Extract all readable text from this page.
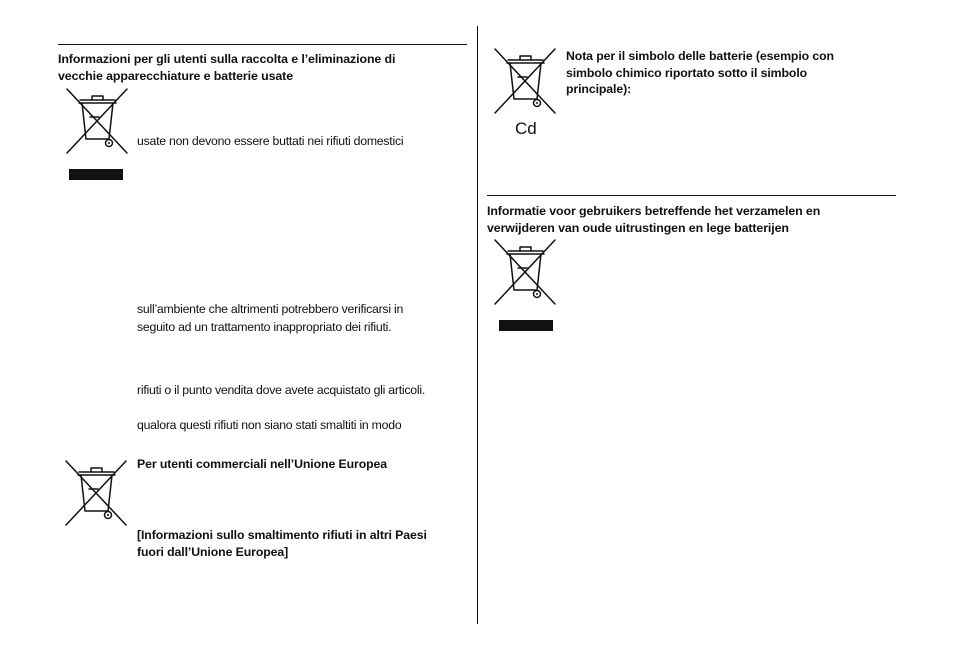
Informazioni per gli utenti sulla raccolta e l’eliminazione di
vecchie apparecchiature e batterie usate
usate non devono essere buttati nei rifiuti domestici
sull’ambiente che altrimenti potrebbero verificarsi in
seguito ad un trattamento inappropriato dei rifiuti.
rifiuti o il punto vendita dove avete acquistato gli articoli.
qualora questi rifiuti non siano stati smaltiti in modo
Per utenti commerciali nell’Unione Europea
[Informazioni sullo smaltimento rifiuti in altri Paesi
fuori dall’Unione Europea]
Cd
Nota per il simbolo delle batterie (esempio con
simbolo chimico riportato sotto il simbolo
principale):
Informatie voor gebruikers betreffende het verzamelen en
verwijderen van oude uitrustingen en lege batterijen
